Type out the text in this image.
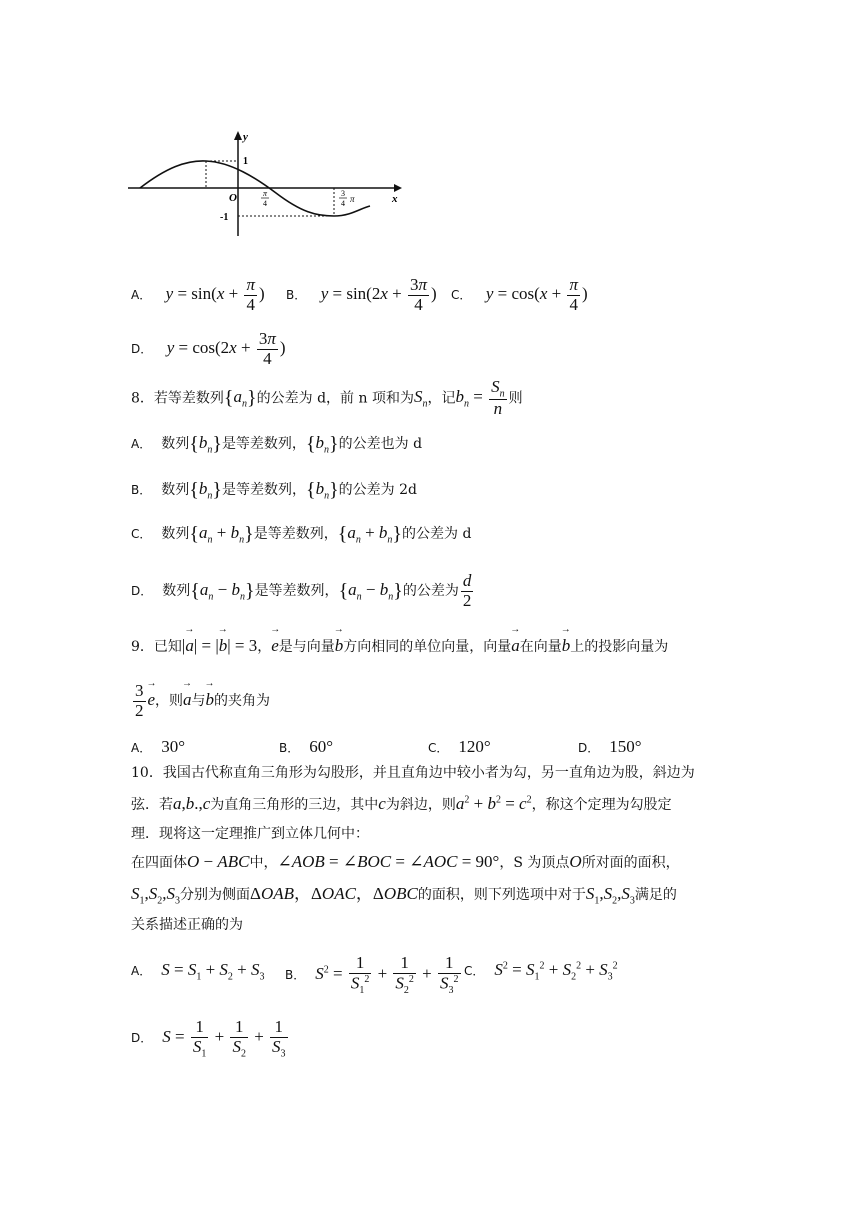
y
x
O
1
-1
π
4
3
4 π
A． $y = \sin(x + \frac{\pi}{4}$ ) B． $y = \sin(2x + \frac{3\pi}{4}$ ) C． $y = \cos(x + \frac{\pi}{4}$ )
D． $y = \cos(2x + \frac{3\pi}{4}$ )
8．若等差数列$\{a_n\}$的公差为 d，前 n 项和为$S_n$，记$b_n = \frac{S_n}{n}$ 则
A． 数列$\{b_n\}$是等差数列，$\{b_n\}$的公差也为 d
B． 数列$\{b_n\}$是等差数列，$\{b_n\}$的公差为 2d
C． 数列$\{a_n + b_n\}$是等差数列，$\{a_n + b_n\}$的公差为 d
D． 数列$\{a_n - b_n\}$是等差数列，$\{a_n - b_n\}$的公差为 $\frac{d}{2}$
9．已知|→ a| = |→ b| = 3，→ e是与向量→ b方向相同的单位向量，向量→ a在向量→ b上的投影向量为
$\frac{3}{2}$
→ e，则→ a与→ b的夹角为
A． 30°	B． 60°	C． 120°	D． 150°
10．我国古代称直角三角形为勾股形，并且直角边中较小者为勾，另一直角边为股，斜边为
弦．若a,b.,c为直角三角形的三边，其中c为斜边，则$a^2 + b^2 = c^2$，称这个定理为勾股定
理．现将这一定理推广到立体几何中：
在四面体O − ABC中，∠AOB = ∠BOC = ∠AOC = 90°，S 为顶点O所对面的面积，
$S_1,S_2,S_3$分别为侧面ΔOAB，ΔOAC，ΔOBC的面积，则下列选项中对于$S_1,S_2,S_3$满足的
关系描述正确的为
A． $S = S_1 + S_2 + S_3$ B． $S^2 = \frac{1}{S_1^2} + \frac{1}{S_2^2} + \frac{1}{S_3^2}$ C． $S^2 = S_1^2 + S_2^2 + S_3^2$
D． $S = \frac{1}{S_1} + \frac{1}{S_2} + \frac{1}{S_3}$
